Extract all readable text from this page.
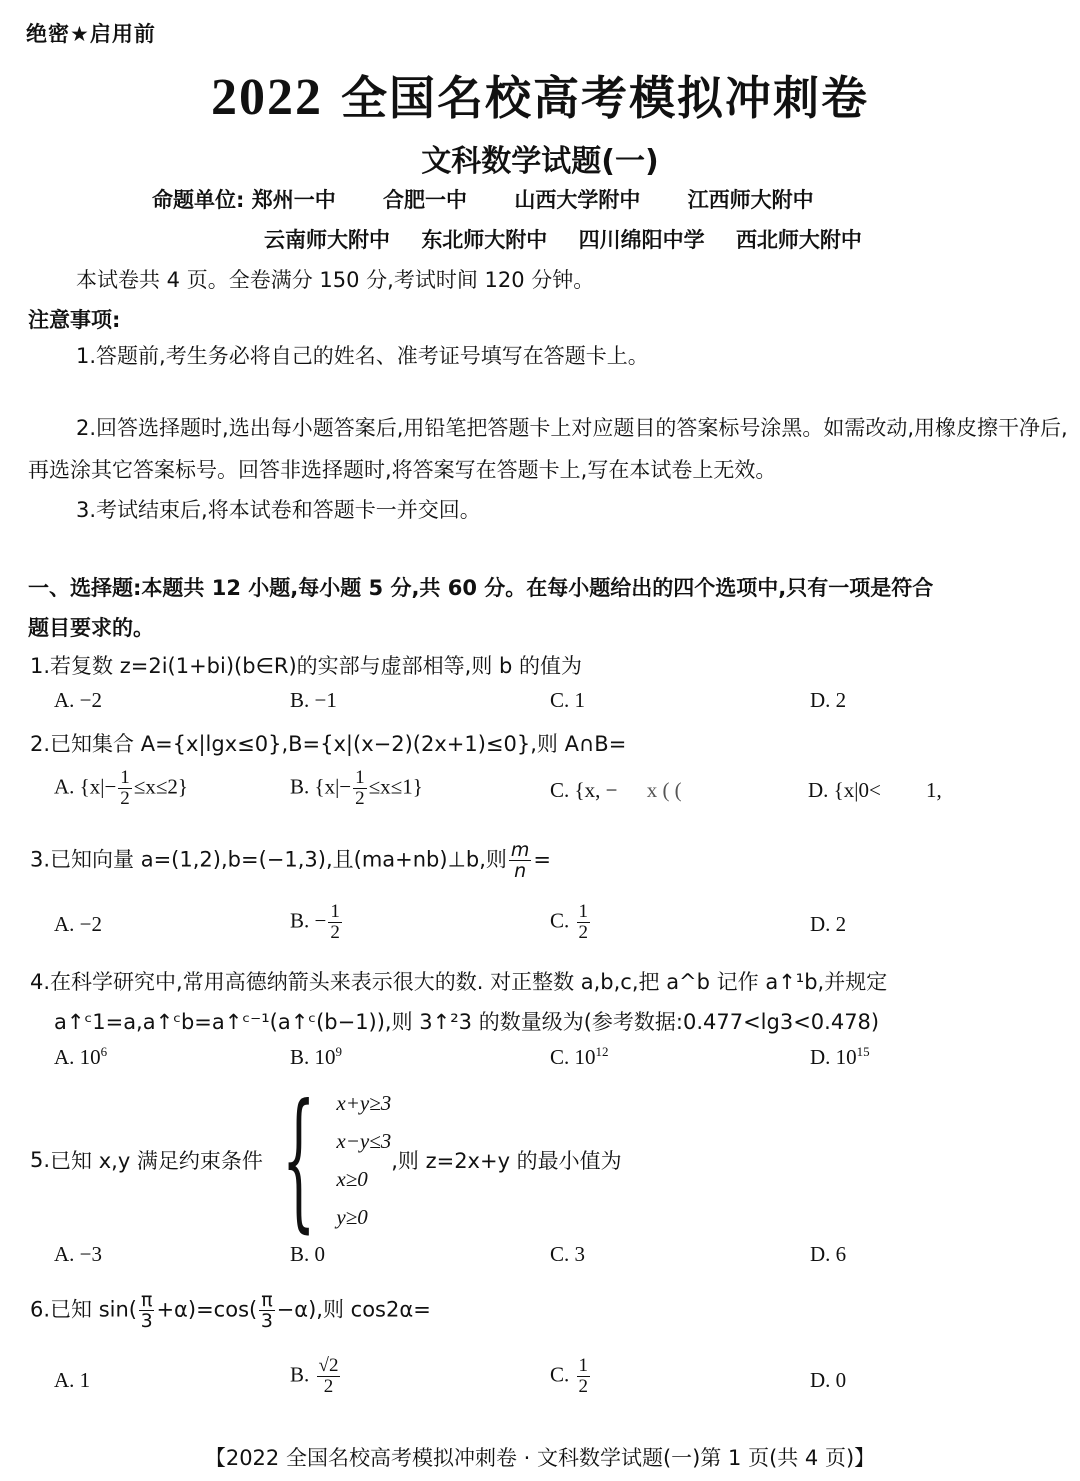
绝密★启用前
2022 全国名校高考模拟冲刺卷
文科数学试题(一)
命题单位: 郑州一中 合肥一中 山西大学附中 江西师大附中
云南师大附中 东北师大附中 四川绵阳中学 西北师大附中
本试卷共 4 页。全卷满分 150 分,考试时间 120 分钟。
注意事项:
1.答题前,考生务必将自己的姓名、准考证号填写在答题卡上。
2.回答选择题时,选出每小题答案后,用铅笔把答题卡上对应题目的答案标号涂黑。如需改动,用橡皮擦干净后,再选涂其它答案标号。回答非选择题时,将答案写在答题卡上,写在本试卷上无效。
3.考试结束后,将本试卷和答题卡一并交回。
一、选择题:本题共 12 小题,每小题 5 分,共 60 分。在每小题给出的四个选项中,只有一项是符合
题目要求的。
1.若复数 z=2i(1+bi)(b∈R)的实部与虚部相等,则 b 的值为
A. −2	B. −1	C. 1	D. 2
2.已知集合 A={x|lgx≤0},B={x|(x−2)(2x+1)≤0},则 A∩B=
A. $\{x|- \frac{1}{2} \le x\le 2\}$	B. $\{x|- \frac{1}{2} \le x\le 1\}$	C. {x, − x ( (	D. {x|0< 1,
3.已知向量 a=(1,2),b=(−1,3),且(ma+nb)⊥b,则 $\frac{m}{n}$ =
A. −2	B. − $\frac{1}{2}$	C. $\frac{1}{2}$	D. 2
4.在科学研究中,常用高德纳箭头来表示很大的数. 对正整数 a,b,c,把 a^b 记作 a↑¹b,并规定
a↑ᶜ1=a,a↑ᶜb=a↑ᶜ⁻¹(a↑ᶜ(b−1)),则 3↑²3 的数量级为(参考数据:0.477<lg3<0.478)
A. $10^6$	B. $10^9$	C. $10^{12}$	D. $10^{15}$
5. 已知 x,y 满足约束条件 { x+y≥3
x−y≤3
x≥0
y≥0
,则 z=2x+y 的最小值为
A. −3	B. 0	C. 3	D. 6
6.已知 $\sin( \frac{\pi}{3} +\alpha)=\cos( \frac{\pi}{3} -\alpha)$,则 cos2α=
A. 1	B. $\frac{√2}{2}$	C. $\frac{1}{2}$	D. 0
【2022 全国名校高考模拟冲刺卷 · 文科数学试题(一)第 1 页(共 4 页)】
